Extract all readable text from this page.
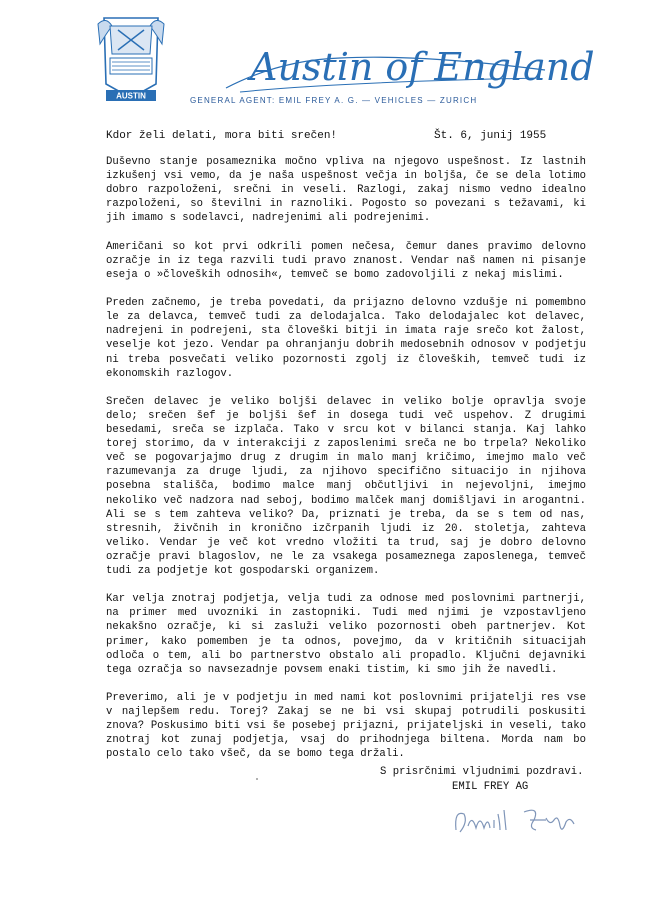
AUSTIN
Austin of England
GENERAL AGENT: EMIL FREY A. G. — VEHICLES — ZURICH
Kdor želi delati, mora biti srečen!	Št. 6, junij 1955

Duševno stanje posameznika močno vpliva na njegovo uspešnost. Iz lastnih izkušenj vsi vemo, da je naša uspešnost večja in boljša, če se dela lotimo dobro razpoloženi, srečni in veseli. Razlogi, zakaj nismo vedno idealno razpoloženi, so številni in raznoliki. Pogosto so povezani s težavami, ki jih imamo s sodelavci, nadrejenimi ali podrejenimi.

Američani so kot prvi odkrili pomen nečesa, čemur danes pravimo delovno ozračje in iz tega razvili tudi pravo znanost. Vendar naš namen ni pisanje eseja o »človeških odnosih«, temveč se bomo zadovoljili z nekaj mislimi.

Preden začnemo, je treba povedati, da prijazno delovno vzdušje ni pomembno le za delavca, temveč tudi za delodajalca. Tako delodajalec kot delavec, nadrejeni in podrejeni, sta človeški bitji in imata raje srečo kot žalost, veselje kot jezo. Vendar pa ohranjanju dobrih medosebnih odnosov v podjetju ni treba posvečati veliko pozornosti zgolj iz človeških, temveč tudi iz ekonomskih razlogov.

Srečen delavec je veliko boljši delavec in veliko bolje opravlja svoje delo; srečen šef je boljši šef in dosega tudi več uspehov. Z drugimi besedami, sreča se izplača. Tako v srcu kot v bilanci stanja. Kaj lahko torej storimo, da v interakciji z zaposlenimi sreča ne bo trpela? Nekoliko več se pogovarjajmo drug z drugim in malo manj kričimo, imejmo malo več razumevanja za druge ljudi, za njihovo specifično situacijo in njihova posebna stališča, bodimo malce manj občutljivi in nejevoljni, imejmo nekoliko več nadzora nad seboj, bodimo malček manj domišljavi in arogantni. Ali se s tem zahteva veliko? Da, priznati je treba, da se s tem od nas, stresnih, živčnih in kronično izčrpanih ljudi iz 20. stoletja, zahteva veliko. Vendar je več kot vredno vložiti ta trud, saj je dobro delovno ozračje pravi blagoslov, ne le za vsakega posameznega zaposlenega, temveč tudi za podjetje kot gospodarski organizem.

Kar velja znotraj podjetja, velja tudi za odnose med poslovnimi partnerji, na primer med uvozniki in zastopniki. Tudi med njimi je vzpostavljeno nekakšno ozračje, ki si zasluži veliko pozornosti obeh partnerjev. Kot primer, kako pomemben je ta odnos, povejmo, da v kritičnih situacijah odloča o tem, ali bo partnerstvo obstalo ali propadlo. Ključni dejavniki tega ozračja so navsezadnje povsem enaki tistim, ki smo jih že navedli.

Preverimo, ali je v podjetju in med nami kot poslovnimi prijatelji res vse v najlepšem redu. Torej? Zakaj se ne bi vsi skupaj potrudili poskusiti znova? Poskusimo biti vsi še posebej prijazni, prijateljski in veseli, tako znotraj kot zunaj podjetja, vsaj do prihodnjega biltena. Morda nam bo postalo celo tako všeč, da se bomo tega držali.

S prisrčnimi vljudnimi pozdravi.
EMIL FREY AG
